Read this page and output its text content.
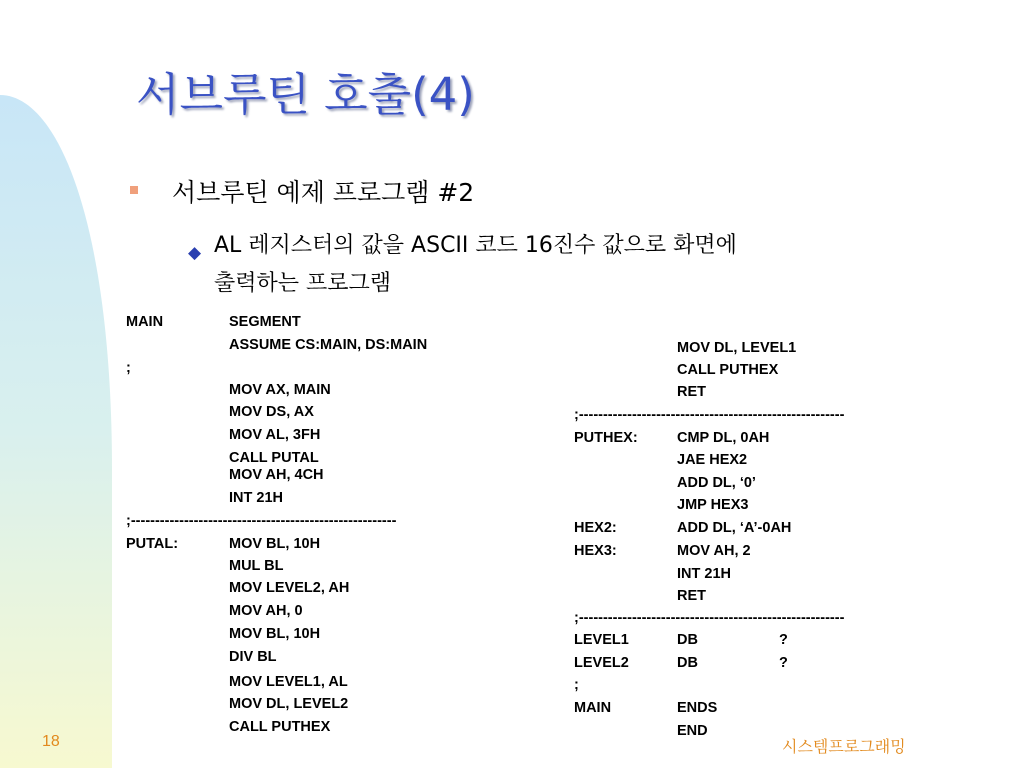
서브루틴 호출(4)
서브루틴 예제 프로그램 #2
◆ AL 레지스터의 값을 ASCII 코드 16진수 값으로 화면에
출력하는 프로그램
MAIN	SEGMENT
ASSUME CS:MAIN, DS:MAIN
;
MOV AX, MAIN
MOV DS, AX
MOV AL, 3FH
CALL PUTAL
MOV AH, 4CH
INT 21H
;-------------------------------------------------------
PUTAL:	MOV BL, 10H
MUL BL
MOV LEVEL2, AH
MOV AH, 0
MOV BL, 10H
DIV BL
MOV LEVEL1, AL
MOV DL, LEVEL2
CALL PUTHEX
MOV DL, LEVEL1
CALL PUTHEX
RET
;-------------------------------------------------------
PUTHEX:	CMP DL, 0AH
JAE HEX2
ADD DL, ‘0’
JMP HEX3
HEX2:	ADD DL, ‘A’-0AH
HEX3:	MOV AH, 2
INT 21H
RET
;-------------------------------------------------------
LEVEL1	DB	?
LEVEL2	DB	?
;
MAIN	ENDS
END
18	시스템프로그래밍
